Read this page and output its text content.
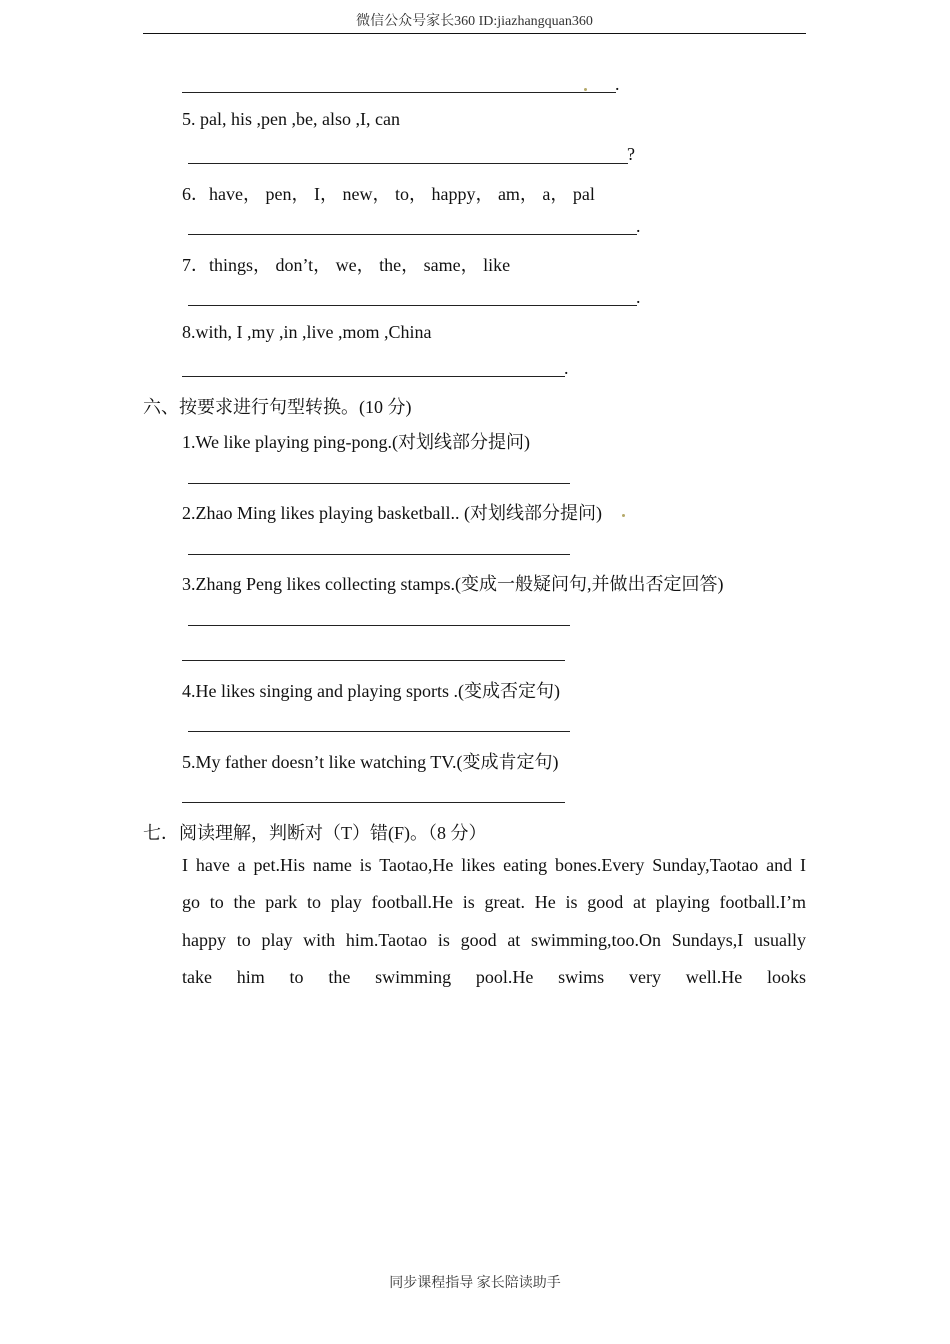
微信公众号家长360 ID:jiazhangquan360
.
5. pal, his ,pen ,be, also ,I, can
?
6．have， pen， I， new， to， happy， am， a， pal
.
7．things， don’t， we， the， same， like
.
8.with, I ,my ,in ,live ,mom ,China
.
六、按要求进行句型转换。(10 分)
1.We like playing ping-pong.(对划线部分提问)
2.Zhao Ming likes playing basketball.. (对划线部分提问)
3.Zhang Peng likes collecting stamps.(变成一般疑问句,并做出否定回答)
4.He likes singing and playing sports .(变成否定句)
5.My father doesn’t like watching TV.(变成肯定句)
七．阅读理解，判断对（T）错(F)。（8 分）
I have a pet.His name is Taotao,He likes eating bones.Every Sunday,Taotao and I
go to the park to play football.He is great. He is good at playing football.I’m
happy to play with him.Taotao is good at swimming,too.On Sundays,I usually
take him to the swimming pool.He swims very well.He looks
同步课程指导 家长陪读助手
